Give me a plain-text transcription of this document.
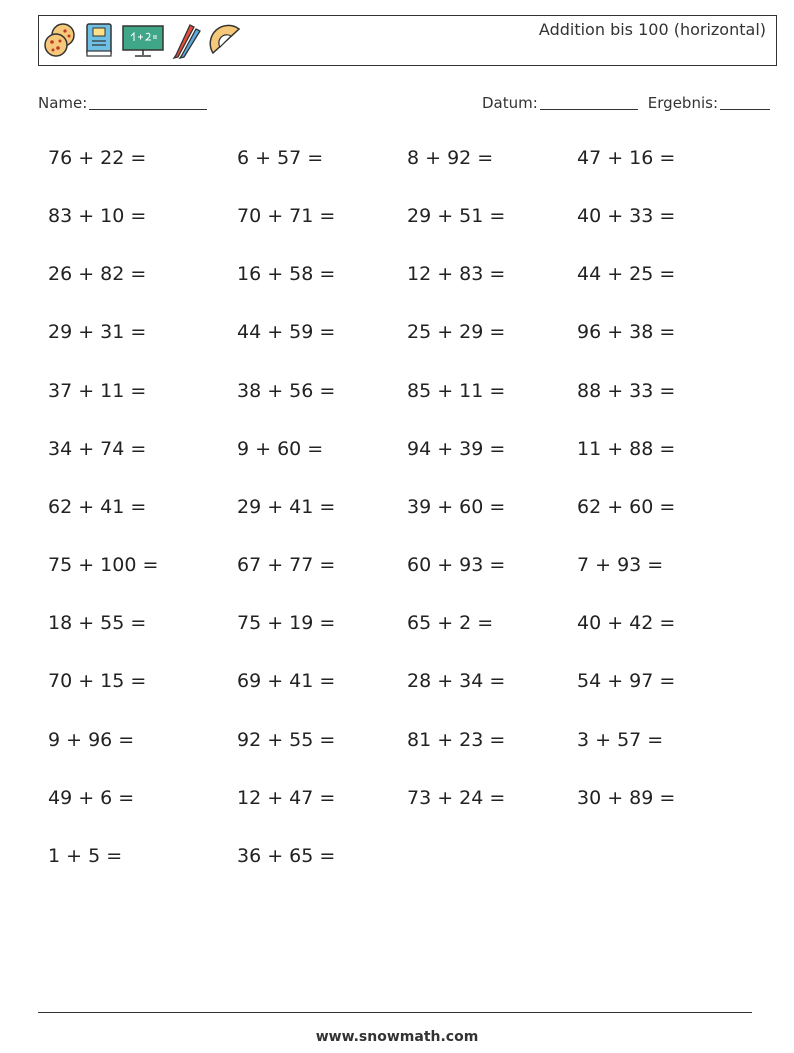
Addition bis 100 (horizontal)
Name:	Datum:	Ergebnis:
76 + 22 =	6 + 57 =	8 + 92 =	47 + 16 =
83 + 10 =	70 + 71 =	29 + 51 =	40 + 33 =
26 + 82 =	16 + 58 =	12 + 83 =	44 + 25 =
29 + 31 =	44 + 59 =	25 + 29 =	96 + 38 =
37 + 11 =	38 + 56 =	85 + 11 =	88 + 33 =
34 + 74 =	9 + 60 =	94 + 39 =	11 + 88 =
62 + 41 =	29 + 41 =	39 + 60 =	62 + 60 =
75 + 100 =	67 + 77 =	60 + 93 =	7 + 93 =
18 + 55 =	75 + 19 =	65 + 2 =	40 + 42 =
70 + 15 =	69 + 41 =	28 + 34 =	54 + 97 =
9 + 96 =	92 + 55 =	81 + 23 =	3 + 57 =
49 + 6 =	12 + 47 =	73 + 24 =	30 + 89 =
1 + 5 =	36 + 65 =
www.snowmath.com
